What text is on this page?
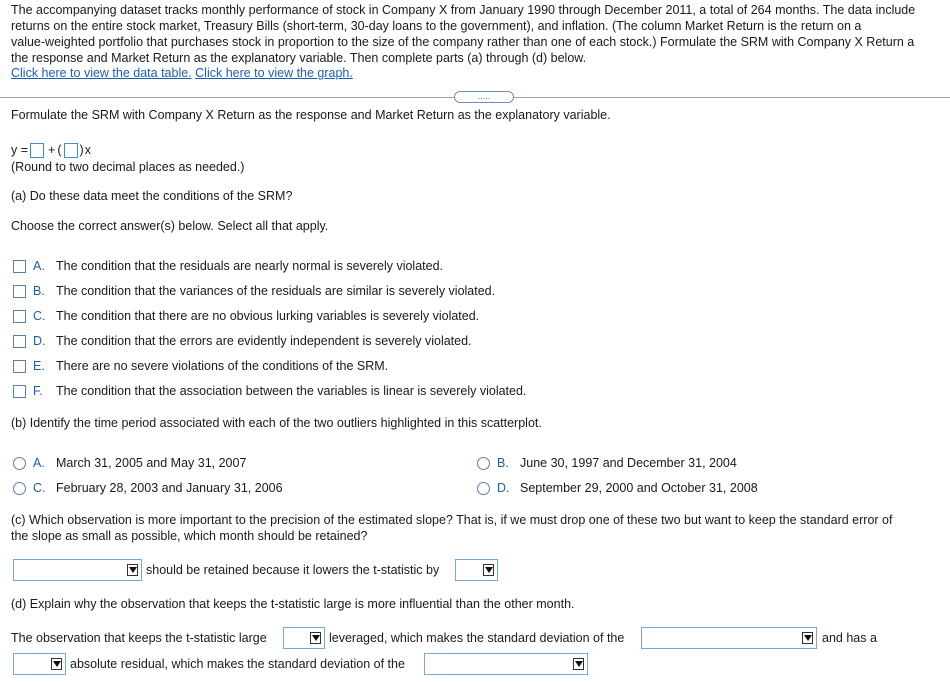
The accompanying dataset tracks monthly performance of stock in Company X from January 1990 through December 2011, a total of 264 months. The data include
returns on the entire stock market, Treasury Bills (short-term, 30-day loans to the government), and inflation. (The column Market Return is the return on a
value-weighted portfolio that purchases stock in proportion to the size of the company rather than one of each stock.) Formulate the SRM with Company X Return a
the response and Market Return as the explanatory variable. Then complete parts (a) through (d) below.
Click here to view the data table. Click here to view the graph.
.....
Formulate the SRM with Company X Return as the response and Market Return as the explanatory variable.
y = + ( ) x
(Round to two decimal places as needed.)
(a) Do these data meet the conditions of the SRM?
Choose the correct answer(s) below. Select all that apply.
A. The condition that the residuals are nearly normal is severely violated.
B. The condition that the variances of the residuals are similar is severely violated.
C. The condition that there are no obvious lurking variables is severely violated.
D. The condition that the errors are evidently independent is severely violated.
E. There are no severe violations of the conditions of the SRM.
F. The condition that the association between the variables is linear is severely violated.
(b) Identify the time period associated with each of the two outliers highlighted in this scatterplot.
A. March 31, 2005 and May 31, 2007	B. June 30, 1997 and December 31, 2004
C. February 28, 2003 and January 31, 2006	D. September 29, 2000 and October 31, 2008
(c) Which observation is more important to the precision of the estimated slope? That is, if we must drop one of these two but want to keep the standard error of
the slope as small as possible, which month should be retained?
should be retained because it lowers the t-statistic by
(d) Explain why the observation that keeps the t-statistic large is more influential than the other month.
The observation that keeps the t-statistic large	leveraged, which makes the standard deviation of the	and has a
absolute residual, which makes the standard deviation of the
